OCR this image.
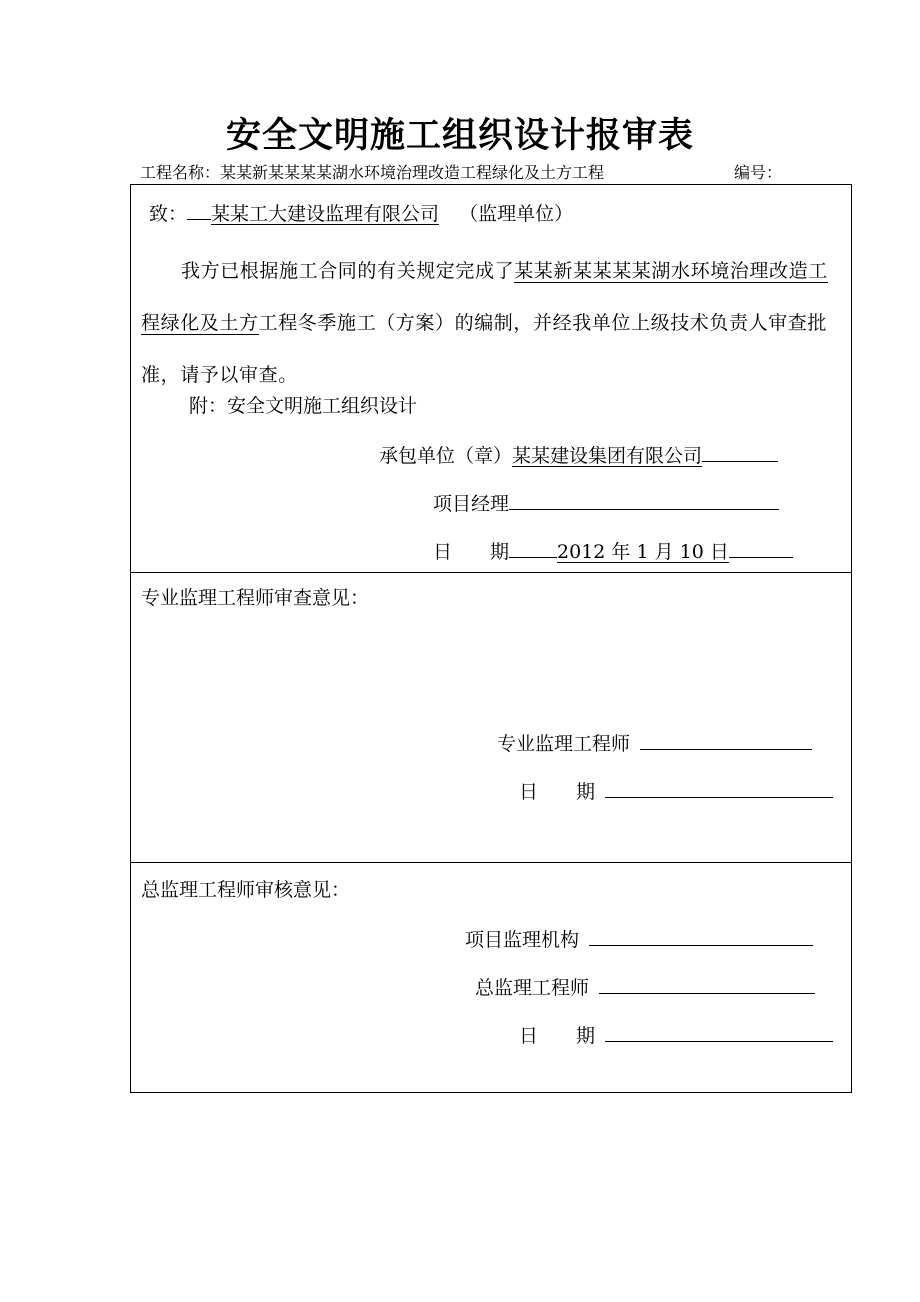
安全文明施工组织设计报审表
工程名称：某某新某某某某湖水环境治理改造工程绿化及土方工程	编号：
致： 某某工大建设监理有限公司 （监理单位）
我方已根据施工合同的有关规定完成了某某新某某某某湖水环境治理改造工程绿化及土方工程冬季施工（方案）的编制，并经我单位上级技术负责人审查批准，请予以审查。
附：安全文明施工组织设计
承包单位（章）某某建设集团有限公司
项目经理
日　　期	2012 年 1 月 10 日
专业监理工程师审查意见：
专业监理工程师
日　　期
总监理工程师审核意见：
项目监理机构
总监理工程师
日　　期
